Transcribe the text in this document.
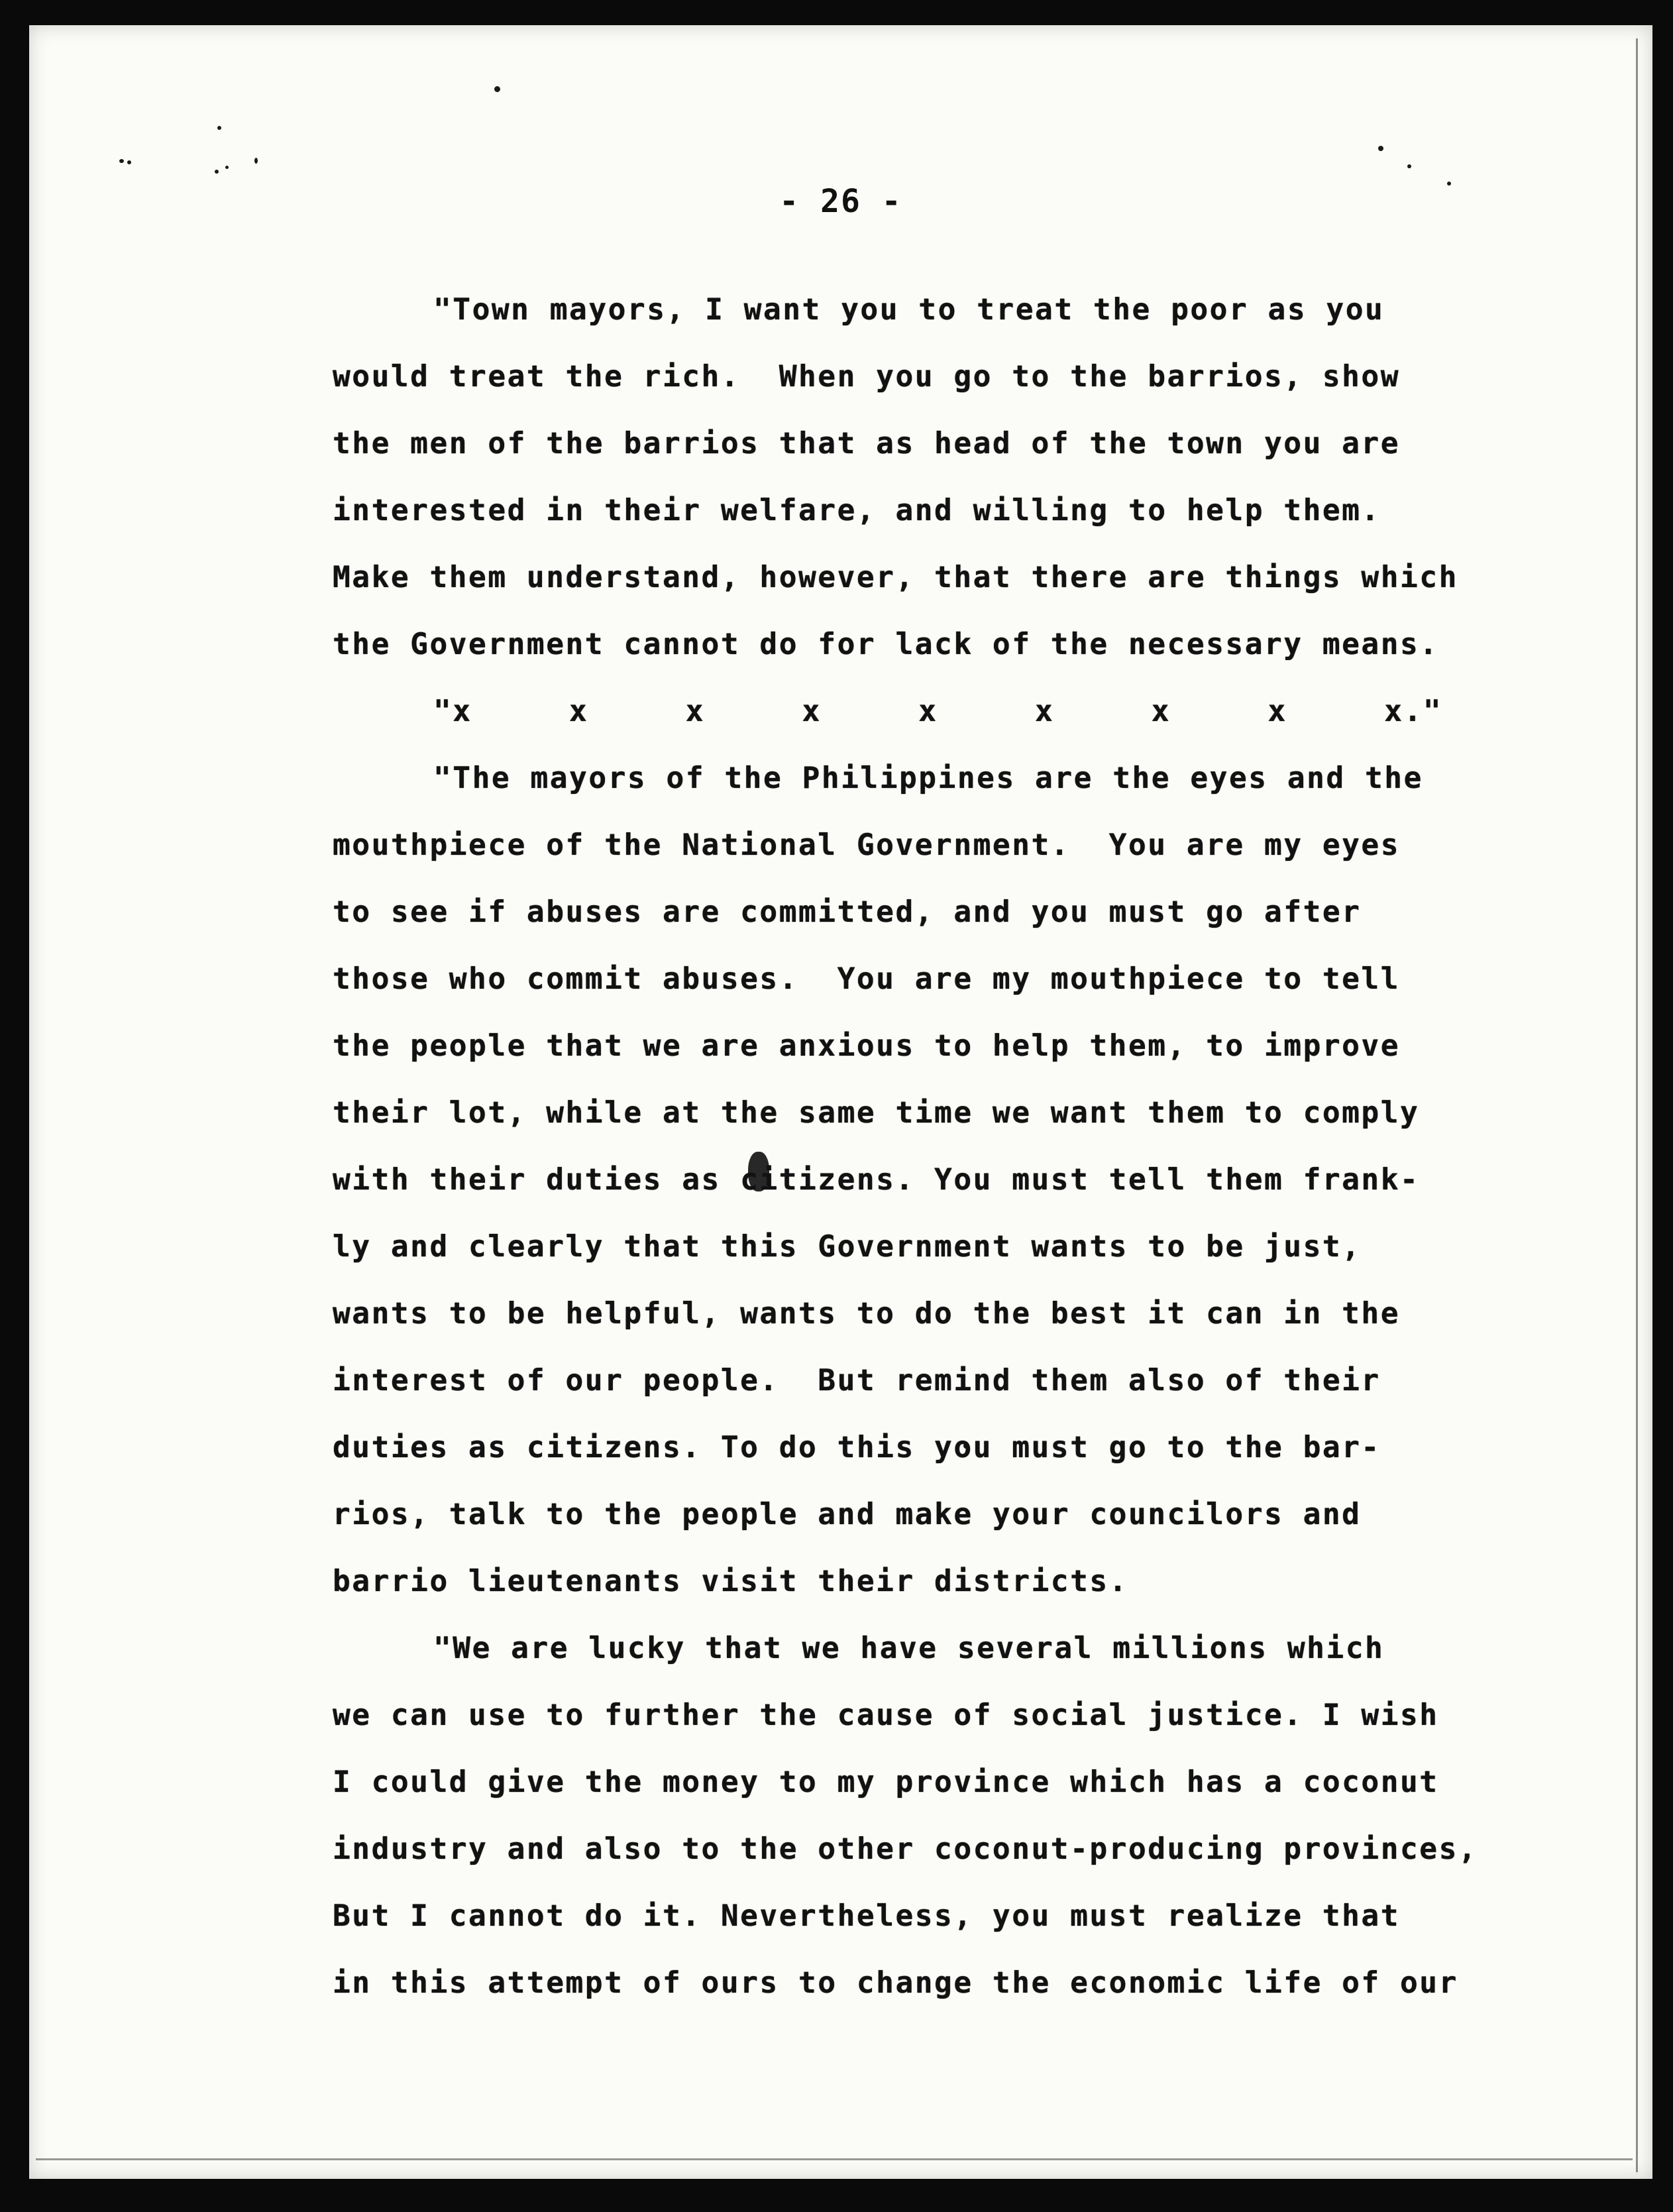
- 26 -
"Town mayors, I want you to treat the poor as you
would treat the rich.  When you go to the barrios, show
the men of the barrios that as head of the town you are
interested in their welfare, and willing to help them.
Make them understand, however, that there are things which
the Government cannot do for lack of the necessary means.
"x     x     x     x     x     x     x     x     x."
"The mayors of the Philippines are the eyes and the
mouthpiece of the National Government.  You are my eyes
to see if abuses are committed, and you must go after
those who commit abuses.  You are my mouthpiece to tell
the people that we are anxious to help them, to improve
their lot, while at the same time we want them to comply
with their duties as citizens. You must tell them frank-
ly and clearly that this Government wants to be just,
wants to be helpful, wants to do the best it can in the
interest of our people.  But remind them also of their
duties as citizens. To do this you must go to the bar-
rios, talk to the people and make your councilors and
barrio lieutenants visit their districts.
"We are lucky that we have several millions which
we can use to further the cause of social justice. I wish
I could give the money to my province which has a coconut
industry and also to the other coconut-producing provinces,
But I cannot do it. Nevertheless, you must realize that
in this attempt of ours to change the economic life of our
